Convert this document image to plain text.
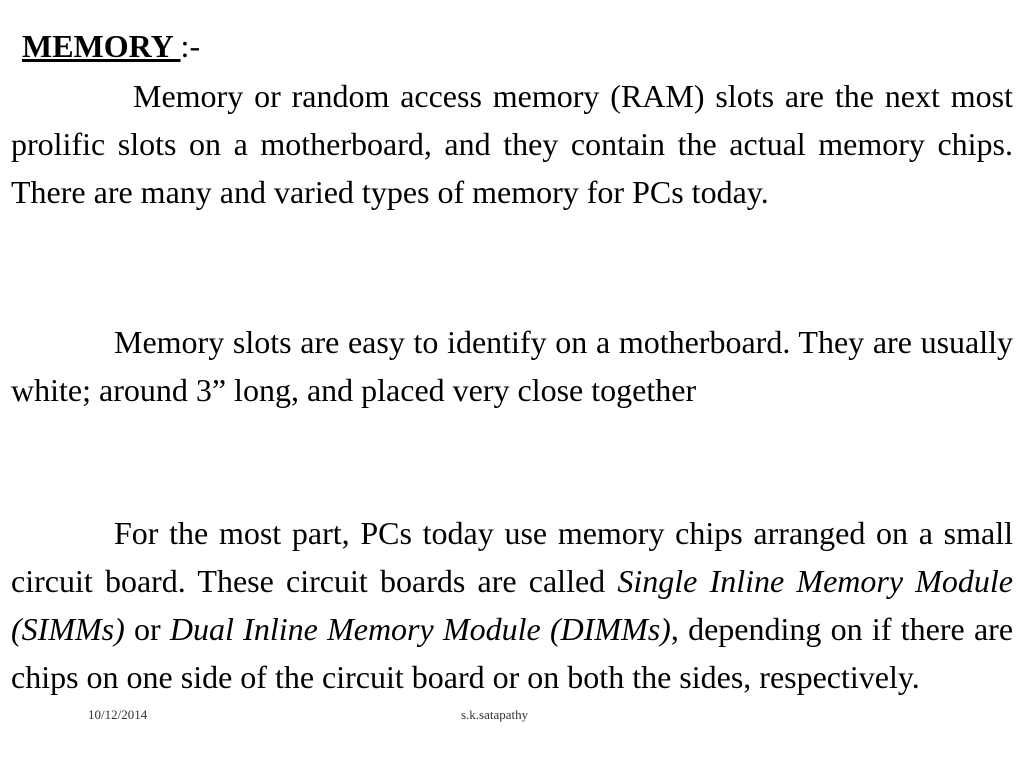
MEMORY :-

Memory or random access memory (RAM) slots are the next most prolific slots on a motherboard, and they contain the actual memory chips. There are many and varied types of memory for PCs today.

Memory slots are easy to identify on a motherboard. They are usually white; around 3” long, and placed very close together

For the most part, PCs today use memory chips arranged on a small circuit board. These circuit boards are called Single Inline Memory Module (SIMMs) or Dual Inline Memory Module (DIMMs), depending on if there are chips on one side of the circuit board or on both the sides, respectively.

10/12/2014	s.k.satapathy
